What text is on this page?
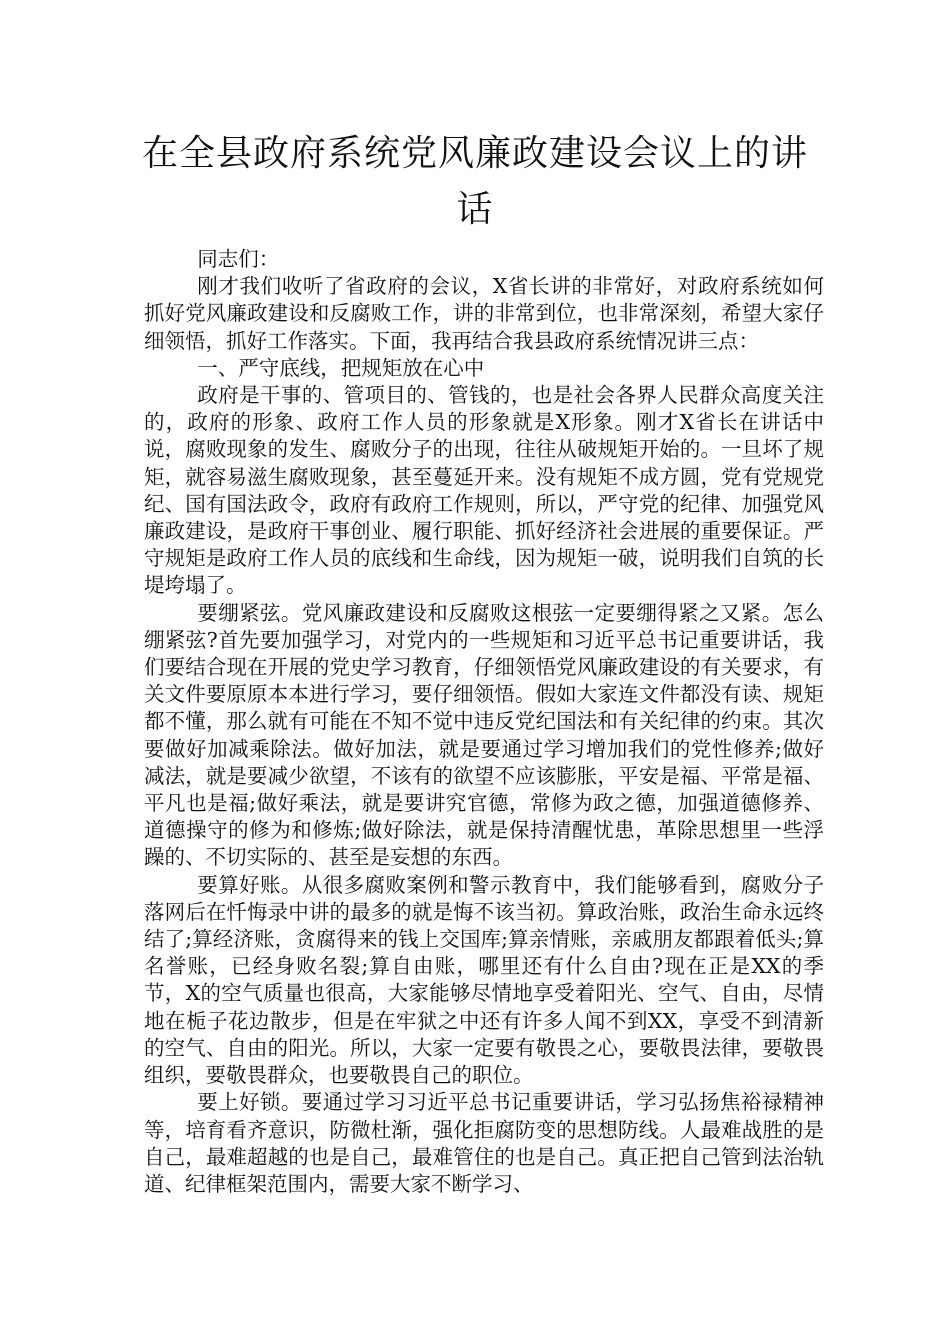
在全县政府系统党风廉政建设会议上的讲话

同志们：

刚才我们收听了省政府的会议，X省长讲的非常好，对政府系统如何抓好党风廉政建设和反腐败工作，讲的非常到位，也非常深刻，希望大家仔细领悟，抓好工作落实。下面，我再结合我县政府系统情况讲三点：

一、严守底线，把规矩放在心中

政府是干事的、管项目的、管钱的，也是社会各界人民群众高度关注的，政府的形象、政府工作人员的形象就是X形象。刚才X省长在讲话中说，腐败现象的发生、腐败分子的出现，往往从破规矩开始的。一旦坏了规矩，就容易滋生腐败现象，甚至蔓延开来。没有规矩不成方圆，党有党规党纪、国有国法政令，政府有政府工作规则，所以，严守党的纪律、加强党风廉政建设，是政府干事创业、履行职能、抓好经济社会进展的重要保证。严守规矩是政府工作人员的底线和生命线，因为规矩一破，说明我们自筑的长堤垮塌了。

要绷紧弦。党风廉政建设和反腐败这根弦一定要绷得紧之又紧。怎么绷紧弦?首先要加强学习，对党内的一些规矩和习近平总书记重要讲话，我们要结合现在开展的党史学习教育，仔细领悟党风廉政建设的有关要求，有关文件要原原本本进行学习，要仔细领悟。假如大家连文件都没有读、规矩都不懂，那么就有可能在不知不觉中违反党纪国法和有关纪律的约束。其次要做好加减乘除法。做好加法，就是要通过学习增加我们的党性修养;做好减法，就是要减少欲望，不该有的欲望不应该膨胀，平安是福、平常是福、平凡也是福;做好乘法，就是要讲究官德，常修为政之德，加强道德修养、道德操守的修为和修炼;做好除法，就是保持清醒忧患，革除思想里一些浮躁的、不切实际的、甚至是妄想的东西。

要算好账。从很多腐败案例和警示教育中，我们能够看到，腐败分子落网后在忏悔录中讲的最多的就是悔不该当初。算政治账，政治生命永远终结了;算经济账，贪腐得来的钱上交国库;算亲情账，亲戚朋友都跟着低头;算名誉账，已经身败名裂;算自由账，哪里还有什么自由?现在正是XX的季节，X的空气质量也很高，大家能够尽情地享受着阳光、空气、自由，尽情地在栀子花边散步，但是在牢狱之中还有许多人闻不到XX，享受不到清新的空气、自由的阳光。所以，大家一定要有敬畏之心，要敬畏法律，要敬畏组织，要敬畏群众，也要敬畏自己的职位。

要上好锁。要通过学习习近平总书记重要讲话，学习弘扬焦裕禄精神等，培育看齐意识，防微杜渐，强化拒腐防变的思想防线。人最难战胜的是自己，最难超越的也是自己，最难管住的也是自己。真正把自己管到法治轨道、纪律框架范围内，需要大家不断学习、
